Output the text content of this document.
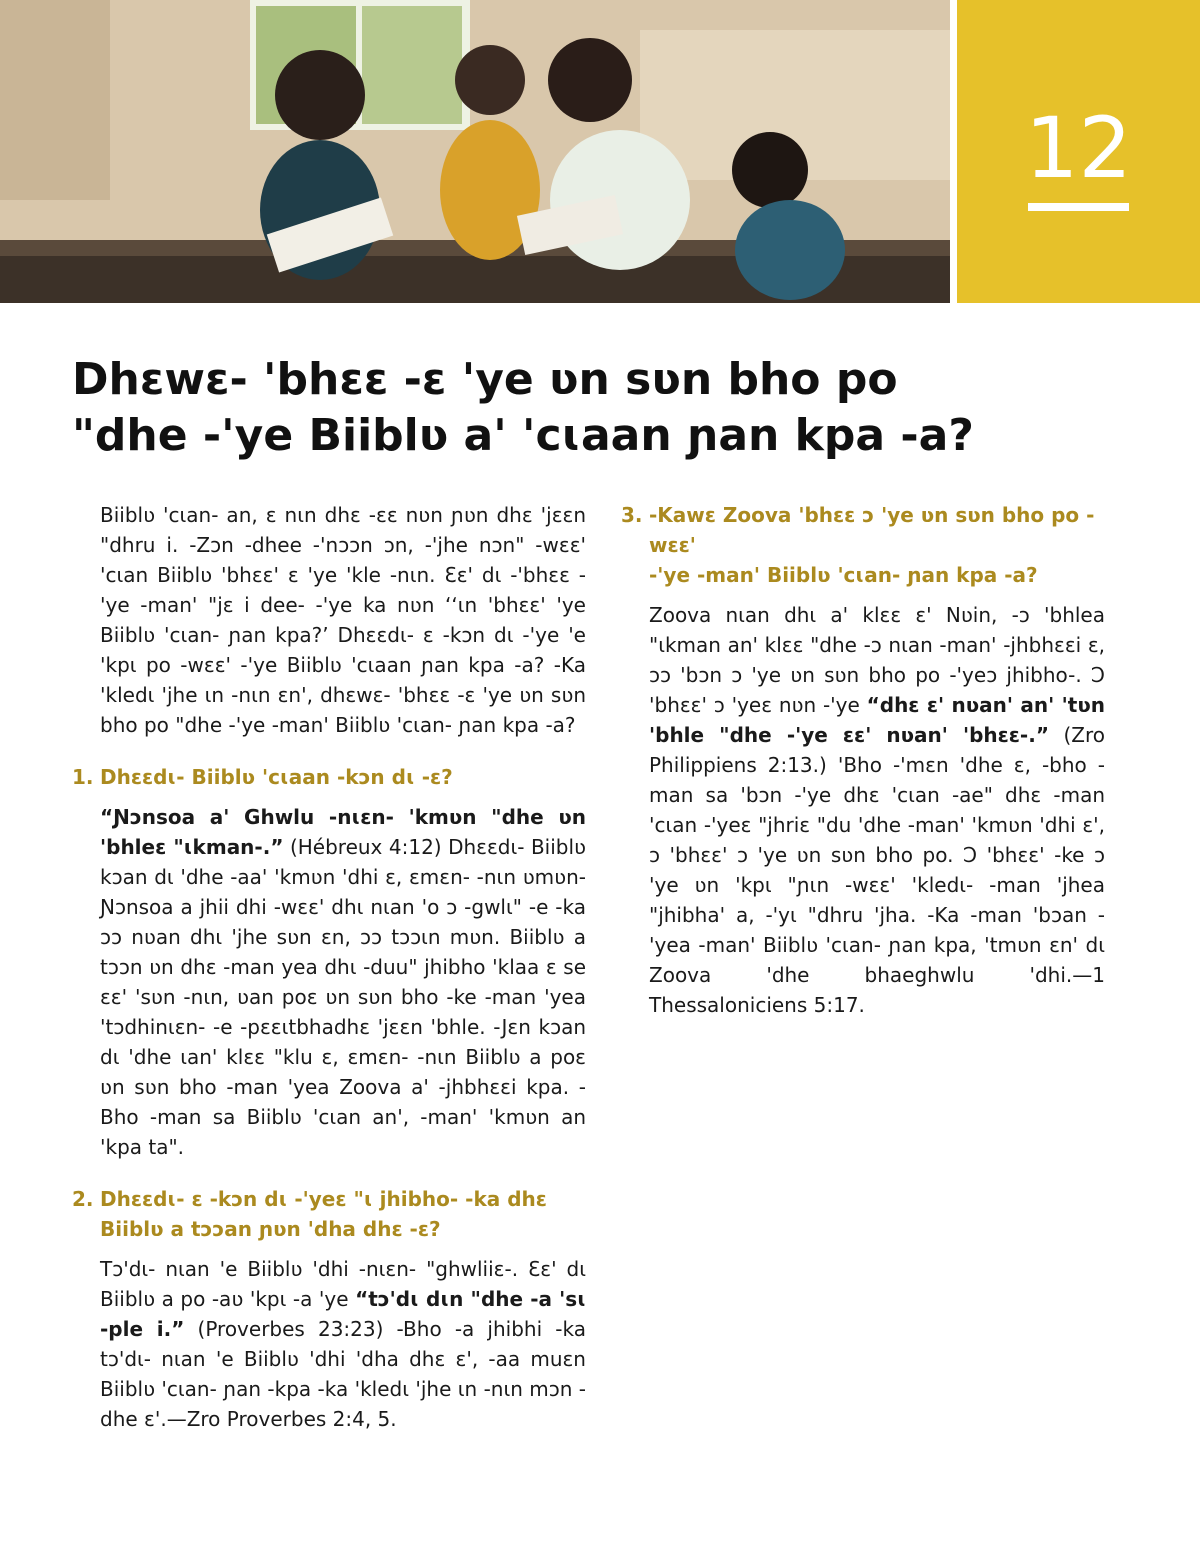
12
Dhɛwɛ- 'bhɛɛ -ɛ 'ye ʋn sʋn bho po
"dhe -'ye Biiblʋ a' 'cɩaan ɲan kpa -a?

Biiblʋ 'cɩan- an, ɛ nɩn dhɛ -ɛɛ nʋn ɲʋn dhɛ 'jɛɛn "dhru i. -Zɔn -dhee -'nɔɔn ɔn, -'jhe nɔn" -wɛɛ' 'cɩan Biiblʋ 'bhɛɛ' ɛ 'ye 'kle -nɩn. Ɛɛ' dɩ -'bhɛɛ -'ye -man' "jɛ i dee- -'ye ka nʋn ‘ʻɩn 'bhɛɛ' 'ye Biiblʋ 'cɩan- ɲan kpa?’ Dhɛɛdɩ- ɛ -kɔn dɩ -'ye 'e 'kpɩ po -wɛɛ' -'ye Biiblʋ 'cɩaan ɲan kpa -a? -Ka 'kledɩ 'jhe ɩn -nɩn ɛn', dhɛwɛ- 'bhɛɛ -ɛ 'ye ʋn sʋn bho po "dhe -'ye -man' Biiblʋ 'cɩan- ɲan kpa -a?

1. Dhɛɛdɩ- Biiblʋ 'cɩaan -kɔn dɩ -ɛ?

“Ɲɔnsoa a' Ghwlu -nɩɛn- 'kmʋn "dhe ʋn 'bhleɛ "ɩkman-.” (Hébreux 4:12) Dhɛɛdɩ- Biiblʋ kɔan dɩ 'dhe -aa' 'kmʋn 'dhi ɛ, ɛmɛn- -nɩn ʋmʋn- Ɲɔnsoa a jhii dhi -wɛɛ' dhɩ nɩan 'o ɔ -gwlɩ" -e -ka ɔɔ nʋan dhɩ 'jhe sʋn ɛn, ɔɔ tɔɔɩn mʋn. Biiblʋ a tɔɔn ʋn dhɛ -man yea dhɩ -duu" jhibho 'klaa ɛ se ɛɛ' 'sʋn -nɩn, ʋan poɛ ʋn sʋn bho -ke -man 'yea 'tɔdhinɩɛn- -e -pɛɛɩtbhadhɛ 'jɛɛn 'bhle. -Jɛn kɔan dɩ 'dhe ɩan' klɛɛ "klu ɛ, ɛmɛn- -nɩn Biiblʋ a poɛ ʋn sʋn bho -man 'yea Zoova a' -jhbhɛɛi kpa. -Bho -man sa Biiblʋ 'cɩan an', -man' 'kmʋn an 'kpa ta".

2. Dhɛɛdɩ- ɛ -kɔn dɩ -'yeɛ "ɩ jhibho- -ka dhɛ
Biiblʋ a tɔɔan ɲʋn 'dha dhɛ -ɛ?

Tɔ'dɩ- nɩan 'e Biiblʋ 'dhi -nɩɛn- "ghwliiɛ-. Ɛɛ' dɩ Biiblʋ a po -aʋ 'kpɩ -a 'ye “tɔ'dɩ dɩn "dhe -a 'sɩ -ple i.” (Proverbes 23:23) -Bho -a jhibhi -ka tɔ'dɩ- nɩan 'e Biiblʋ 'dhi 'dha dhɛ ɛ', -aa muɛn Biiblʋ 'cɩan- ɲan -kpa -ka 'kledɩ 'jhe ɩn -nɩn mɔn -dhe ɛ'.—Zro Proverbes 2:4, 5.

3. -Kawɛ Zoova 'bhɛɛ ɔ 'ye ʋn sʋn bho po -wɛɛ'
-'ye -man' Biiblʋ 'cɩan- ɲan kpa -a?

Zoova nɩan dhɩ a' klɛɛ ɛ' Nʋin, -ɔ 'bhlea "ɩkman an' klɛɛ "dhe -ɔ nɩan -man' -jhbhɛɛi ɛ, ɔɔ 'bɔn ɔ 'ye ʋn sʋn bho po -'yeɔ jhibho-. Ɔ 'bhɛɛ' ɔ 'yeɛ nʋn -'ye “dhɛ ɛ' nʋan' an' 'tʋn 'bhle "dhe -'ye ɛɛ' nʋan' 'bhɛɛ-.” (Zro Philippiens 2:13.) 'Bho -'mɛn 'dhe ɛ, -bho -man sa 'bɔn -'ye dhɛ 'cɩan -ae" dhɛ -man 'cɩan -'yeɛ "jhriɛ "du 'dhe -man' 'kmʋn 'dhi ɛ', ɔ 'bhɛɛ' ɔ 'ye ʋn sʋn bho po. Ɔ 'bhɛɛ' -ke ɔ 'ye ʋn 'kpɩ "ɲɩn -wɛɛ' 'kledɩ- -man 'jhea "jhibha' a, -'yɩ "dhru 'jha. -Ka -man 'bɔan -'yea -man' Biiblʋ 'cɩan- ɲan kpa, 'tmʋn ɛn' dɩ Zoova 'dhe bhaeghwlu 'dhi.—1 Thessaloniciens 5:17.
